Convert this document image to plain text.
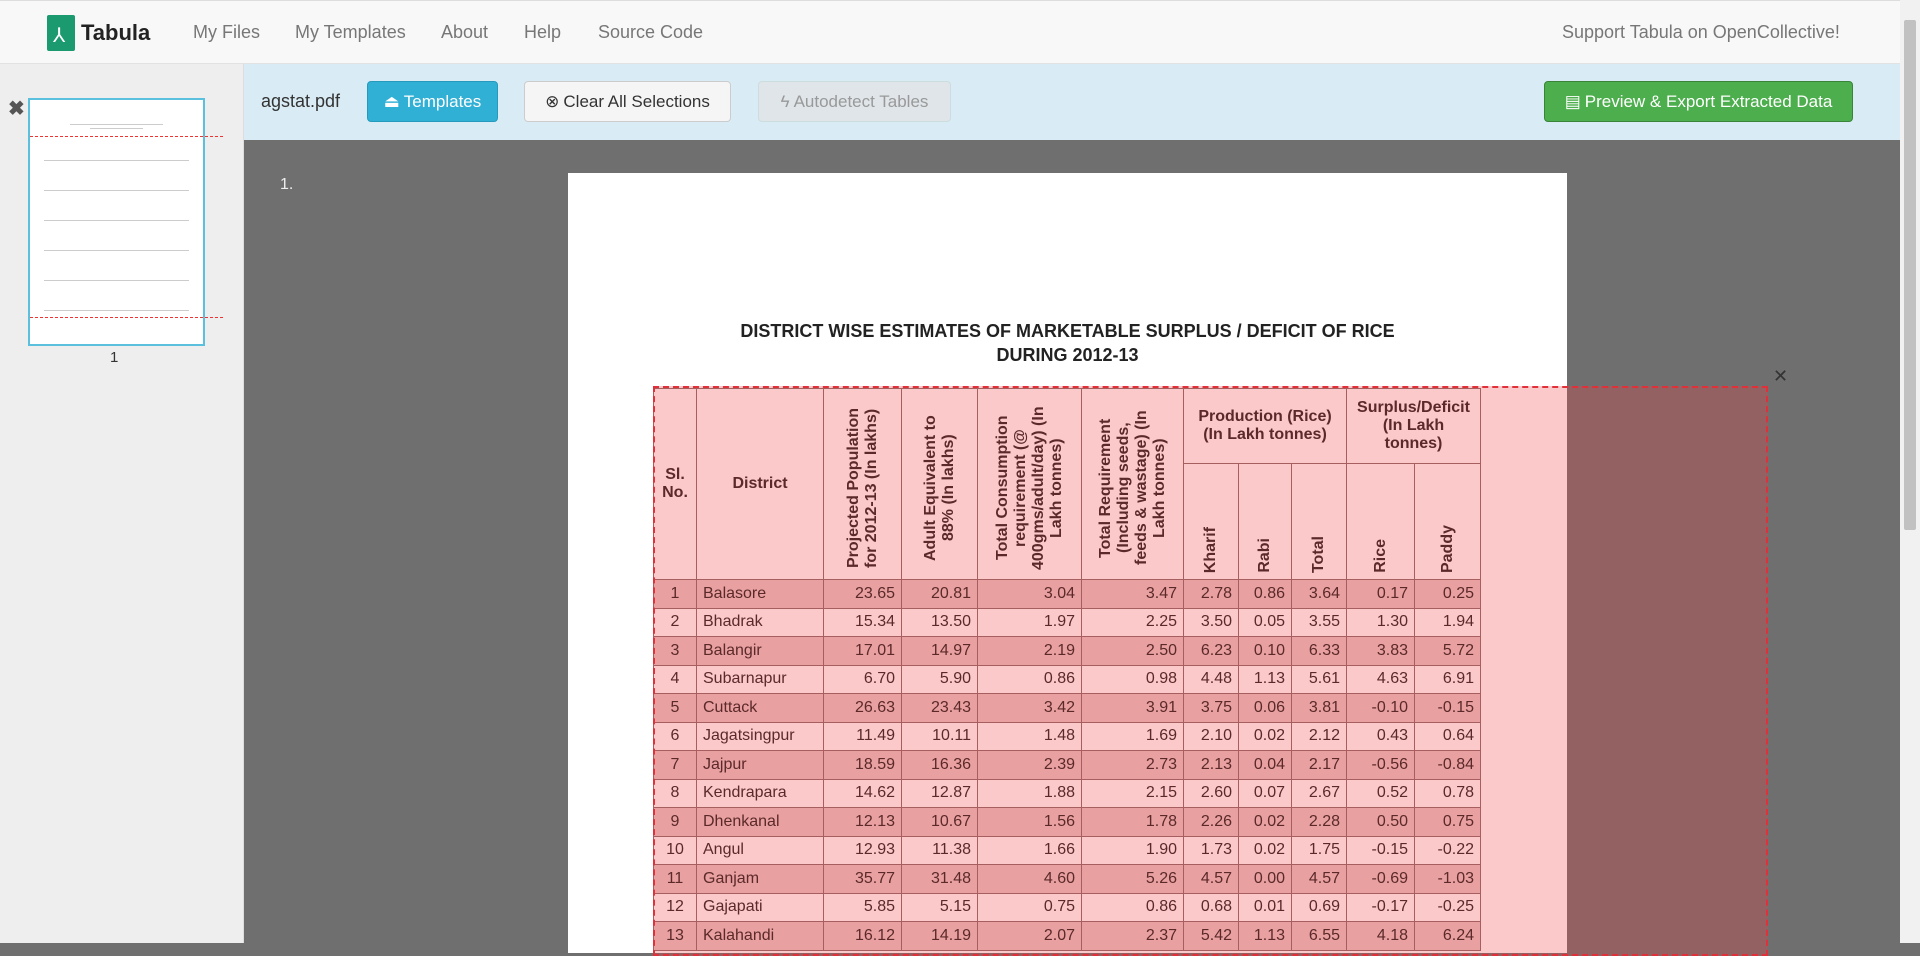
⅄
Tabula My Files My Templates About Help Source Code	Support Tabula on OpenCollective!
✖
1
agstat.pdf	⏏ Templates	⊗ Clear All Selections	ϟ Autodetect Tables	▤ Preview & Export Extracted Data
1.
DISTRICT WISE ESTIMATES OF MARKETABLE SURPLUS / DEFICIT OF RICE
DURING 2012-13
Sl. No.	District	Projected Population for 2012-13 (In lakhs)	Adult Equivalent to 88% (In lakhs)	Total Consumption requirement (@ 400gms/adult/day) (In Lakh tonnes)	Total Requirement (Including seeds, feeds & wastage) (In Lakh tonnes)	Production (Rice) (In Lakh tonnes)			Surplus/Deficit (In Lakh tonnes)	

						Kharif	Rabi	Total	Rice	Paddy

1	Balasore	23.65	20.81	3.04	3.47	2.78	0.86	3.64	0.17	0.25
2	Bhadrak	15.34	13.50	1.97	2.25	3.50	0.05	3.55	1.30	1.94
3	Balangir	17.01	14.97	2.19	2.50	6.23	0.10	6.33	3.83	5.72
4	Subarnapur	6.70	5.90	0.86	0.98	4.48	1.13	5.61	4.63	6.91
5	Cuttack	26.63	23.43	3.42	3.91	3.75	0.06	3.81	-0.10	-0.15
6	Jagatsingpur	11.49	10.11	1.48	1.69	2.10	0.02	2.12	0.43	0.64
7	Jajpur	18.59	16.36	2.39	2.73	2.13	0.04	2.17	-0.56	-0.84
8	Kendrapara	14.62	12.87	1.88	2.15	2.60	0.07	2.67	0.52	0.78
9	Dhenkanal	12.13	10.67	1.56	1.78	2.26	0.02	2.28	0.50	0.75
10	Angul	12.93	11.38	1.66	1.90	1.73	0.02	1.75	-0.15	-0.22
11	Ganjam	35.77	31.48	4.60	5.26	4.57	0.00	4.57	-0.69	-1.03
12	Gajapati	5.85	5.15	0.75	0.86	0.68	0.01	0.69	-0.17	-0.25
13	Kalahandi	16.12	14.19	2.07	2.37	5.42	1.13	6.55	4.18	6.24
✕
